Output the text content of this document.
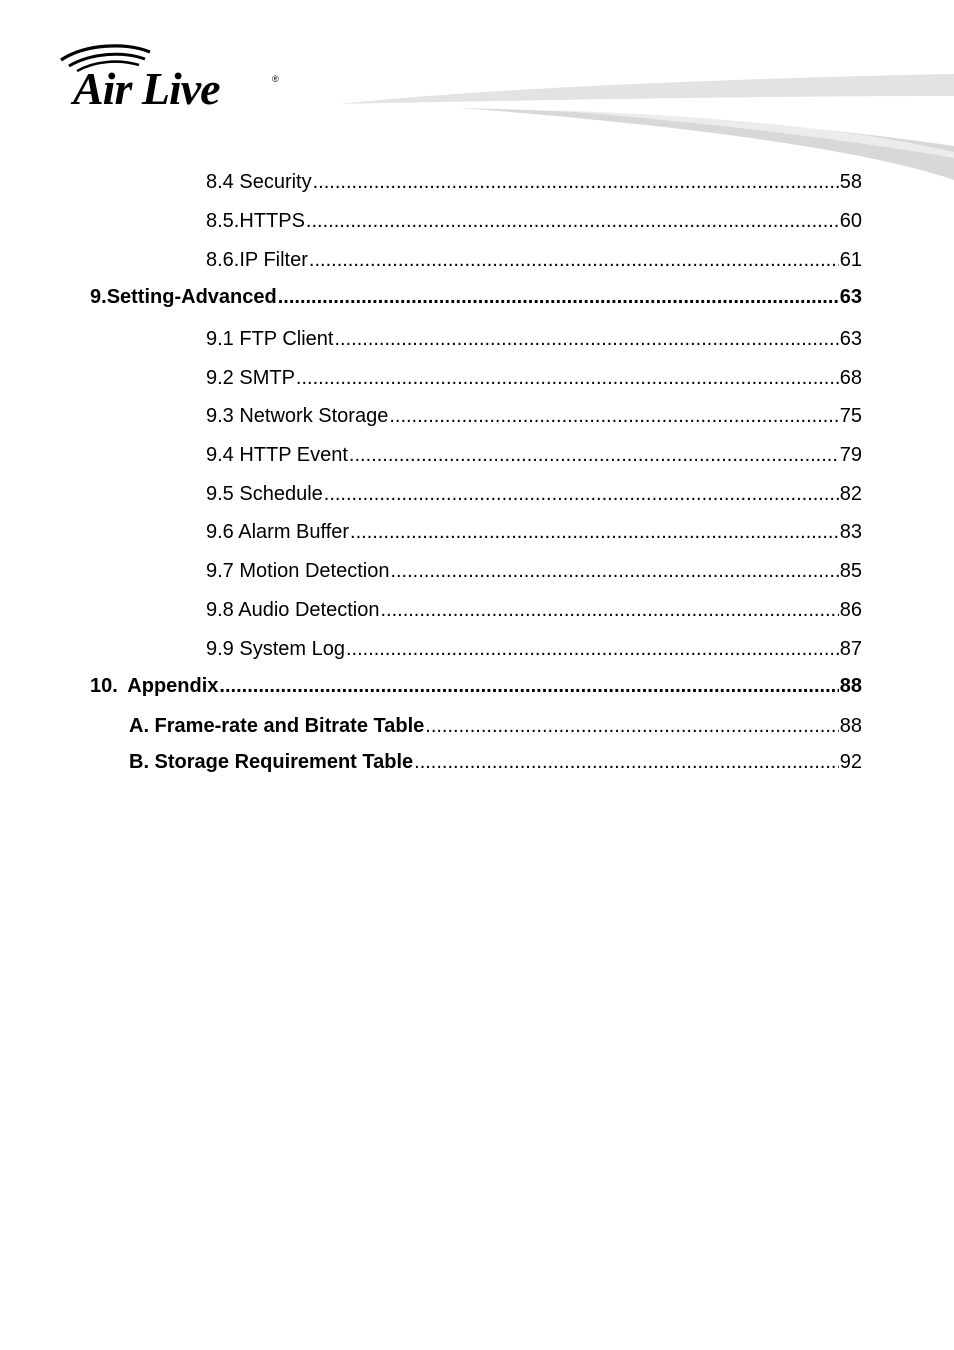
Air Live	®
8.4 Security .....	58
8.5.HTTPS .....	60
8.6.IP Filter .....	61
9. Setting-Advanced .....	63
9.1 FTP Client .....	63
9.2 SMTP .....	68
9.3 Network Storage .....	75
9.4 HTTP Event .....	79
9.5 Schedule .....	82
9.6 Alarm Buffer .....	83
9.7 Motion Detection .....	85
9.8 Audio Detection .....	86
9.9 System Log .....	87
10. Appendix .....	88
A. Frame-rate and Bitrate Table .....	88
B. Storage Requirement Table .....	92
